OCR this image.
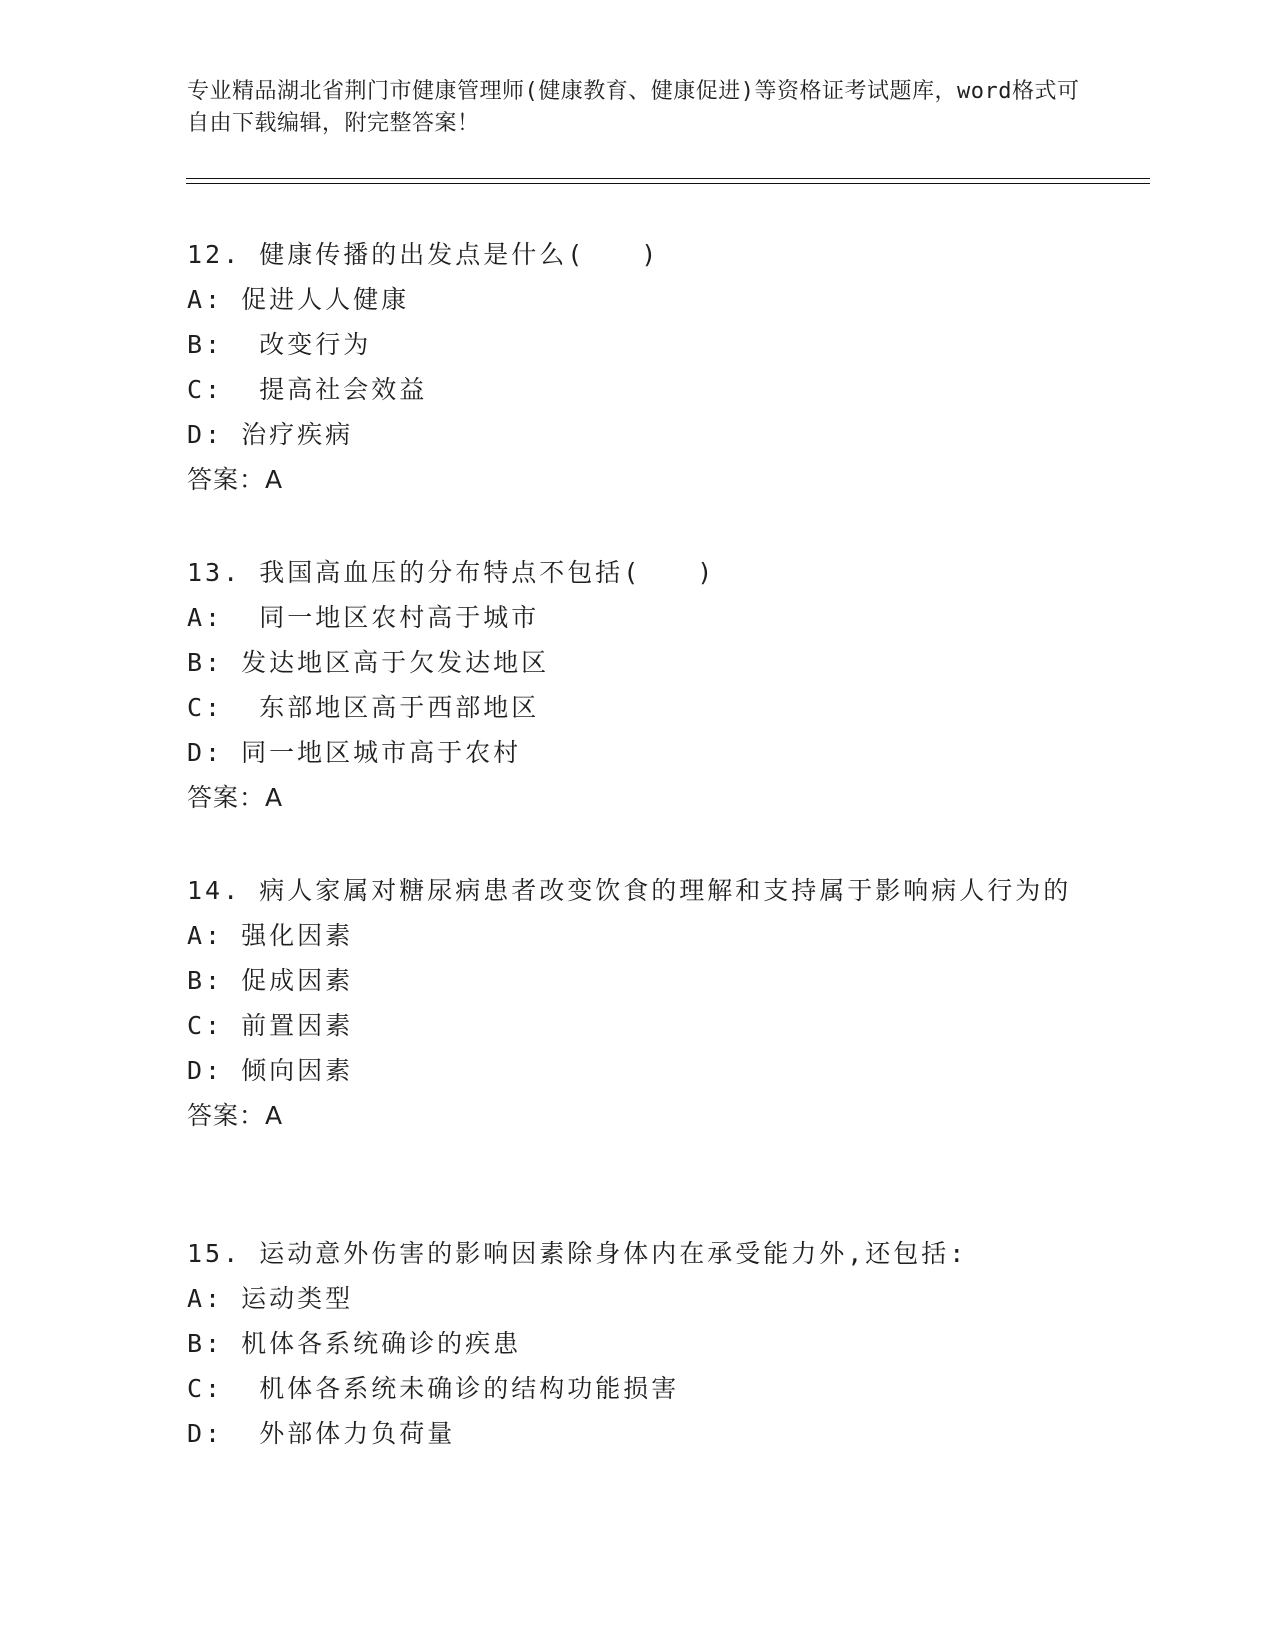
专业精品湖北省荆门市健康管理师(健康教育、健康促进)等资格证考试题库，word格式可自由下载编辑，附完整答案！
12. 健康传播的出发点是什么(　　)
A: 促进人人健康
B:  改变行为
C:  提高社会效益
D: 治疗疾病
答案：A
13. 我国高血压的分布特点不包括(　　)
A:  同一地区农村高于城市
B: 发达地区高于欠发达地区
C:  东部地区高于西部地区
D: 同一地区城市高于农村
答案：A
14. 病人家属对糖尿病患者改变饮食的理解和支持属于影响病人行为的
A: 强化因素
B: 促成因素
C: 前置因素
D: 倾向因素
答案：A
15. 运动意外伤害的影响因素除身体内在承受能力外,还包括:
A: 运动类型
B: 机体各系统确诊的疾患
C:  机体各系统未确诊的结构功能损害
D:  外部体力负荷量
